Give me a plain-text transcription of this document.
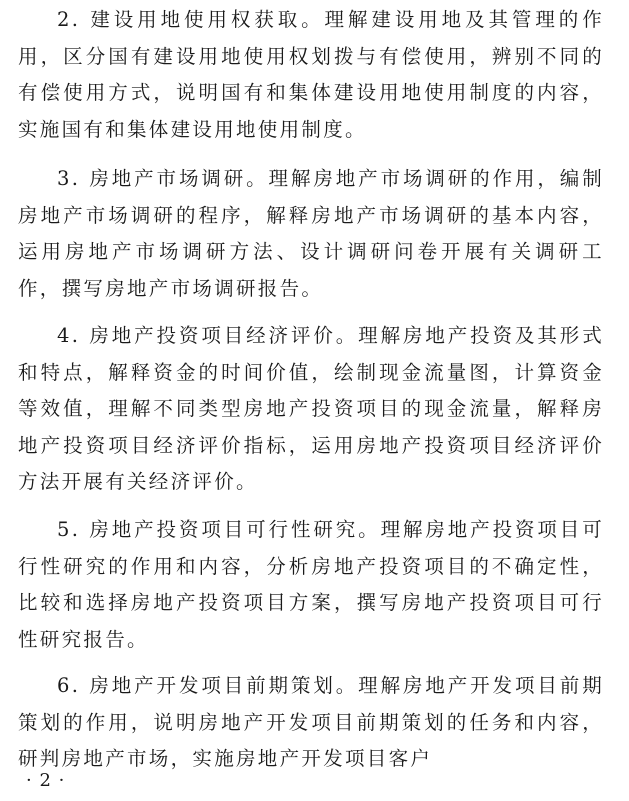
2. 建设用地使用权获取。理解建设用地及其管理的作用，区分国有建设用地使用权划拨与有偿使用，辨别不同的有偿使用方式，说明国有和集体建设用地使用制度的内容，实施国有和集体建设用地使用制度。

3. 房地产市场调研。理解房地产市场调研的作用，编制房地产市场调研的程序，解释房地产市场调研的基本内容，运用房地产市场调研方法、设计调研问卷开展有关调研工作，撰写房地产市场调研报告。

4. 房地产投资项目经济评价。理解房地产投资及其形式和特点，解释资金的时间价值，绘制现金流量图，计算资金等效值，理解不同类型房地产投资项目的现金流量，解释房地产投资项目经济评价指标，运用房地产投资项目经济评价方法开展有关经济评价。

5. 房地产投资项目可行性研究。理解房地产投资项目可行性研究的作用和内容，分析房地产投资项目的不确定性，比较和选择房地产投资项目方案，撰写房地产投资项目可行性研究报告。

6. 房地产开发项目前期策划。理解房地产开发项目前期策划的作用，说明房地产开发项目前期策划的任务和内容，研判房地产市场，实施房地产开发项目客户

· 2 ·
